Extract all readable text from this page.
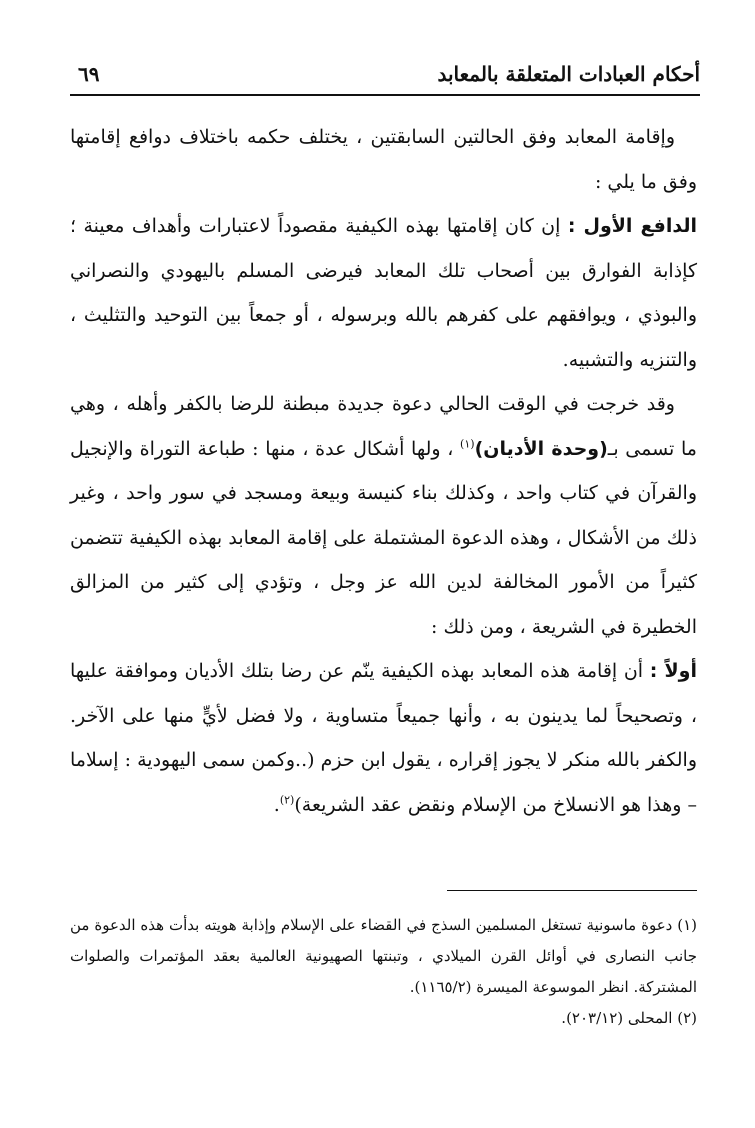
أحكام العبادات المتعلقة بالمعابد
٦٩

وإقامة المعابد وفق الحالتين السابقتين ، يختلف حكمه باختلاف دوافع إقامتها وفق ما يلي :

الدافع الأول : إن كان إقامتها بهذه الكيفية مقصوداً لاعتبارات وأهداف معينة ؛ كإذابة الفوارق بين أصحاب تلك المعابد فيرضى المسلم باليهودي والنصراني والبوذي ، ويوافقهم على كفرهم بالله وبرسوله ، أو جمعاً بين التوحيد والتثليث ، والتنزيه والتشبيه.

وقد خرجت في الوقت الحالي دعوة جديدة مبطنة للرضا بالكفر وأهله ، وهي ما تسمى بـ(وحدة الأديان)$^{(١)}$ ، ولها أشكال عدة ، منها : طباعة التوراة والإنجيل والقرآن في كتاب واحد ، وكذلك بناء كنيسة وبيعة ومسجد في سور واحد ، وغير ذلك من الأشكال ، وهذه الدعوة المشتملة على إقامة المعابد بهذه الكيفية تتضمن كثيراً من الأمور المخالفة لدين الله عز وجل ، وتؤدي إلى كثير من المزالق الخطيرة في الشريعة ، ومن ذلك :

أولاً : أن إقامة هذه المعابد بهذه الكيفية ينّم عن رضا بتلك الأديان وموافقة عليها ، وتصحيحاً لما يدينون به ، وأنها جميعاً متساوية ، ولا فضل لأيٍّ منها على الآخر. والكفر بالله منكر لا يجوز إقراره ، يقول ابن حزم (..وكمن سمى اليهودية : إسلاما – وهذا هو الانسلاخ من الإسلام ونقض عقد الشريعة)$^{(٢)}$.

(١) دعوة ماسونية تستغل المسلمين السذج في القضاء على الإسلام وإذابة هويته بدأت هذه الدعوة من جانب النصارى في أوائل القرن الميلادي ، وتبنتها الصهيونية العالمية بعقد المؤتمرات والصلوات المشتركة. انظر الموسوعة الميسرة (١١٦٥/٢).

(٢) المحلى (٢٠٣/١٢).
